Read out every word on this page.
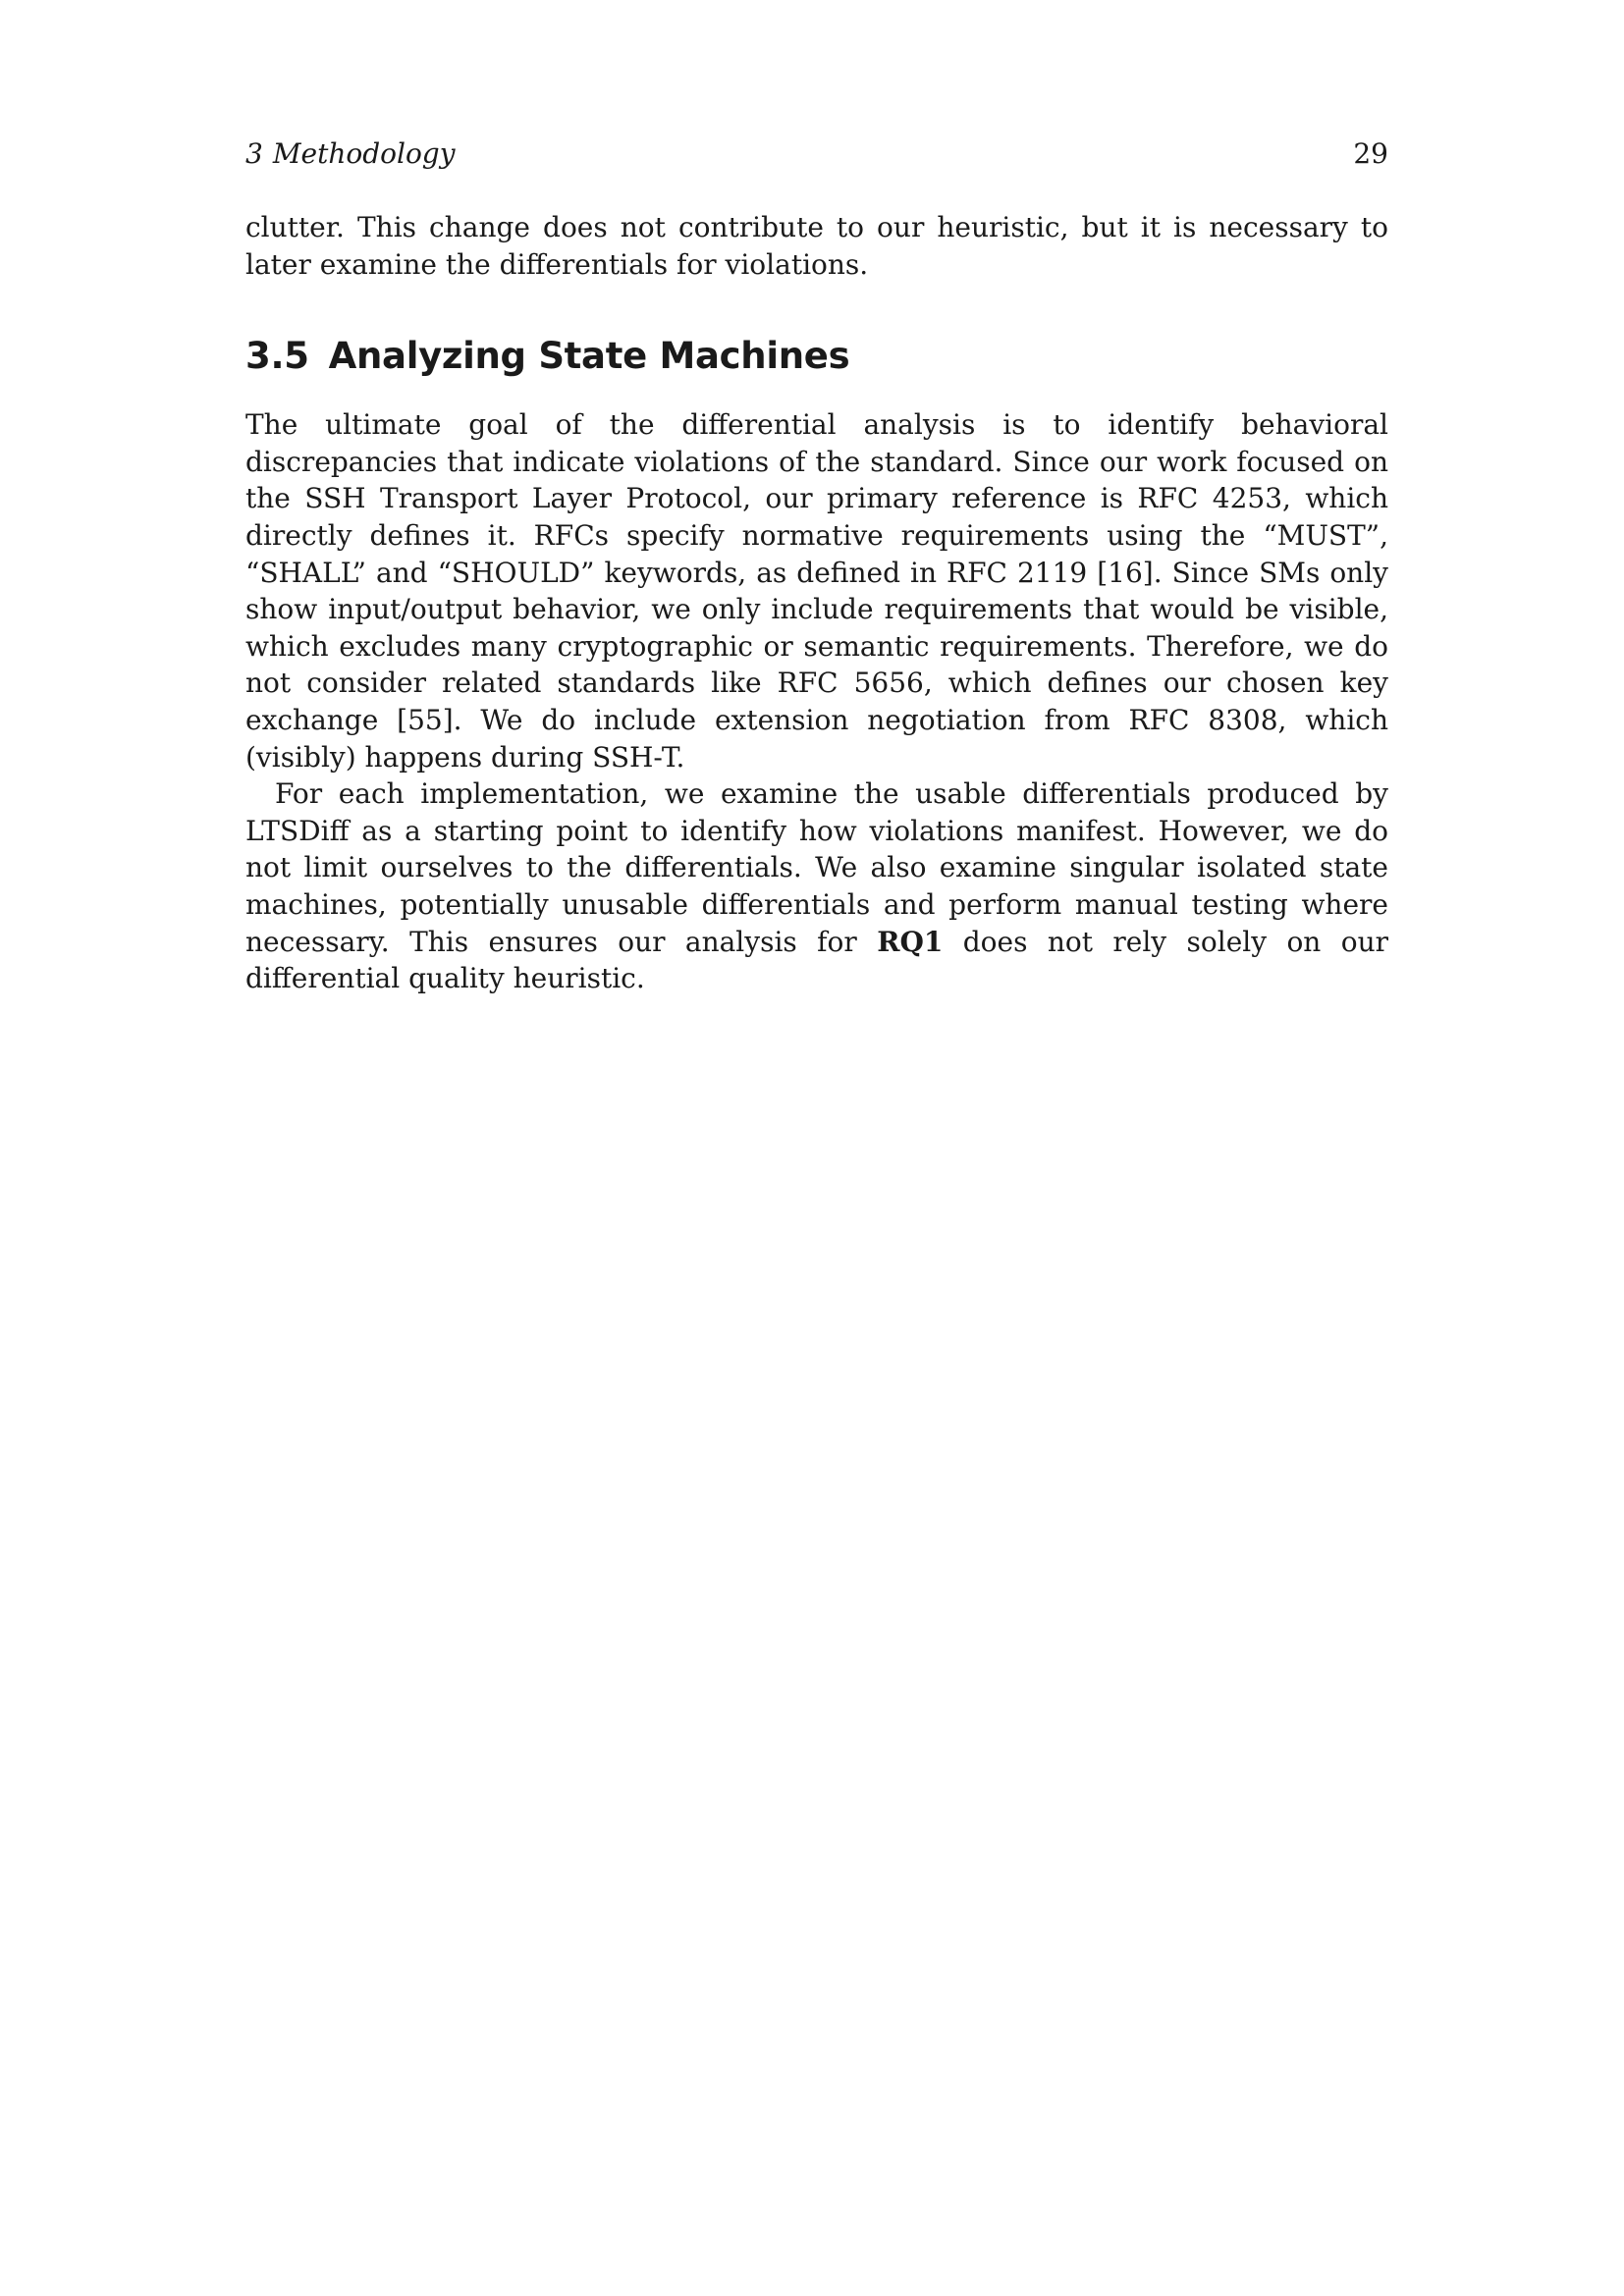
3 Methodology	29

clutter. This change does not contribute to our heuristic, but it is necessary to later examine the differentials for violations.

3.5 Analyzing State Machines

The ultimate goal of the differential analysis is to identify behavioral discrepancies that indicate violations of the standard. Since our work focused on the SSH Transport Layer Protocol, our primary reference is RFC 4253, which directly defines it. RFCs specify normative requirements using the “MUST”, “SHALL” and “SHOULD” keywords, as defined in RFC 2119 [16]. Since SMs only show input/output behavior, we only include requirements that would be visible, which excludes many cryptographic or semantic requirements. Therefore, we do not consider related standards like RFC 5656, which defines our chosen key exchange [55]. We do include extension negotiation from RFC 8308, which (visibly) happens during SSH-T.

For each implementation, we examine the usable differentials produced by LTSDiff as a starting point to identify how violations manifest. However, we do not limit ourselves to the differentials. We also examine singular isolated state machines, potentially unusable differentials and perform manual testing where necessary. This ensures our analysis for RQ1 does not rely solely on our differential quality heuristic.
